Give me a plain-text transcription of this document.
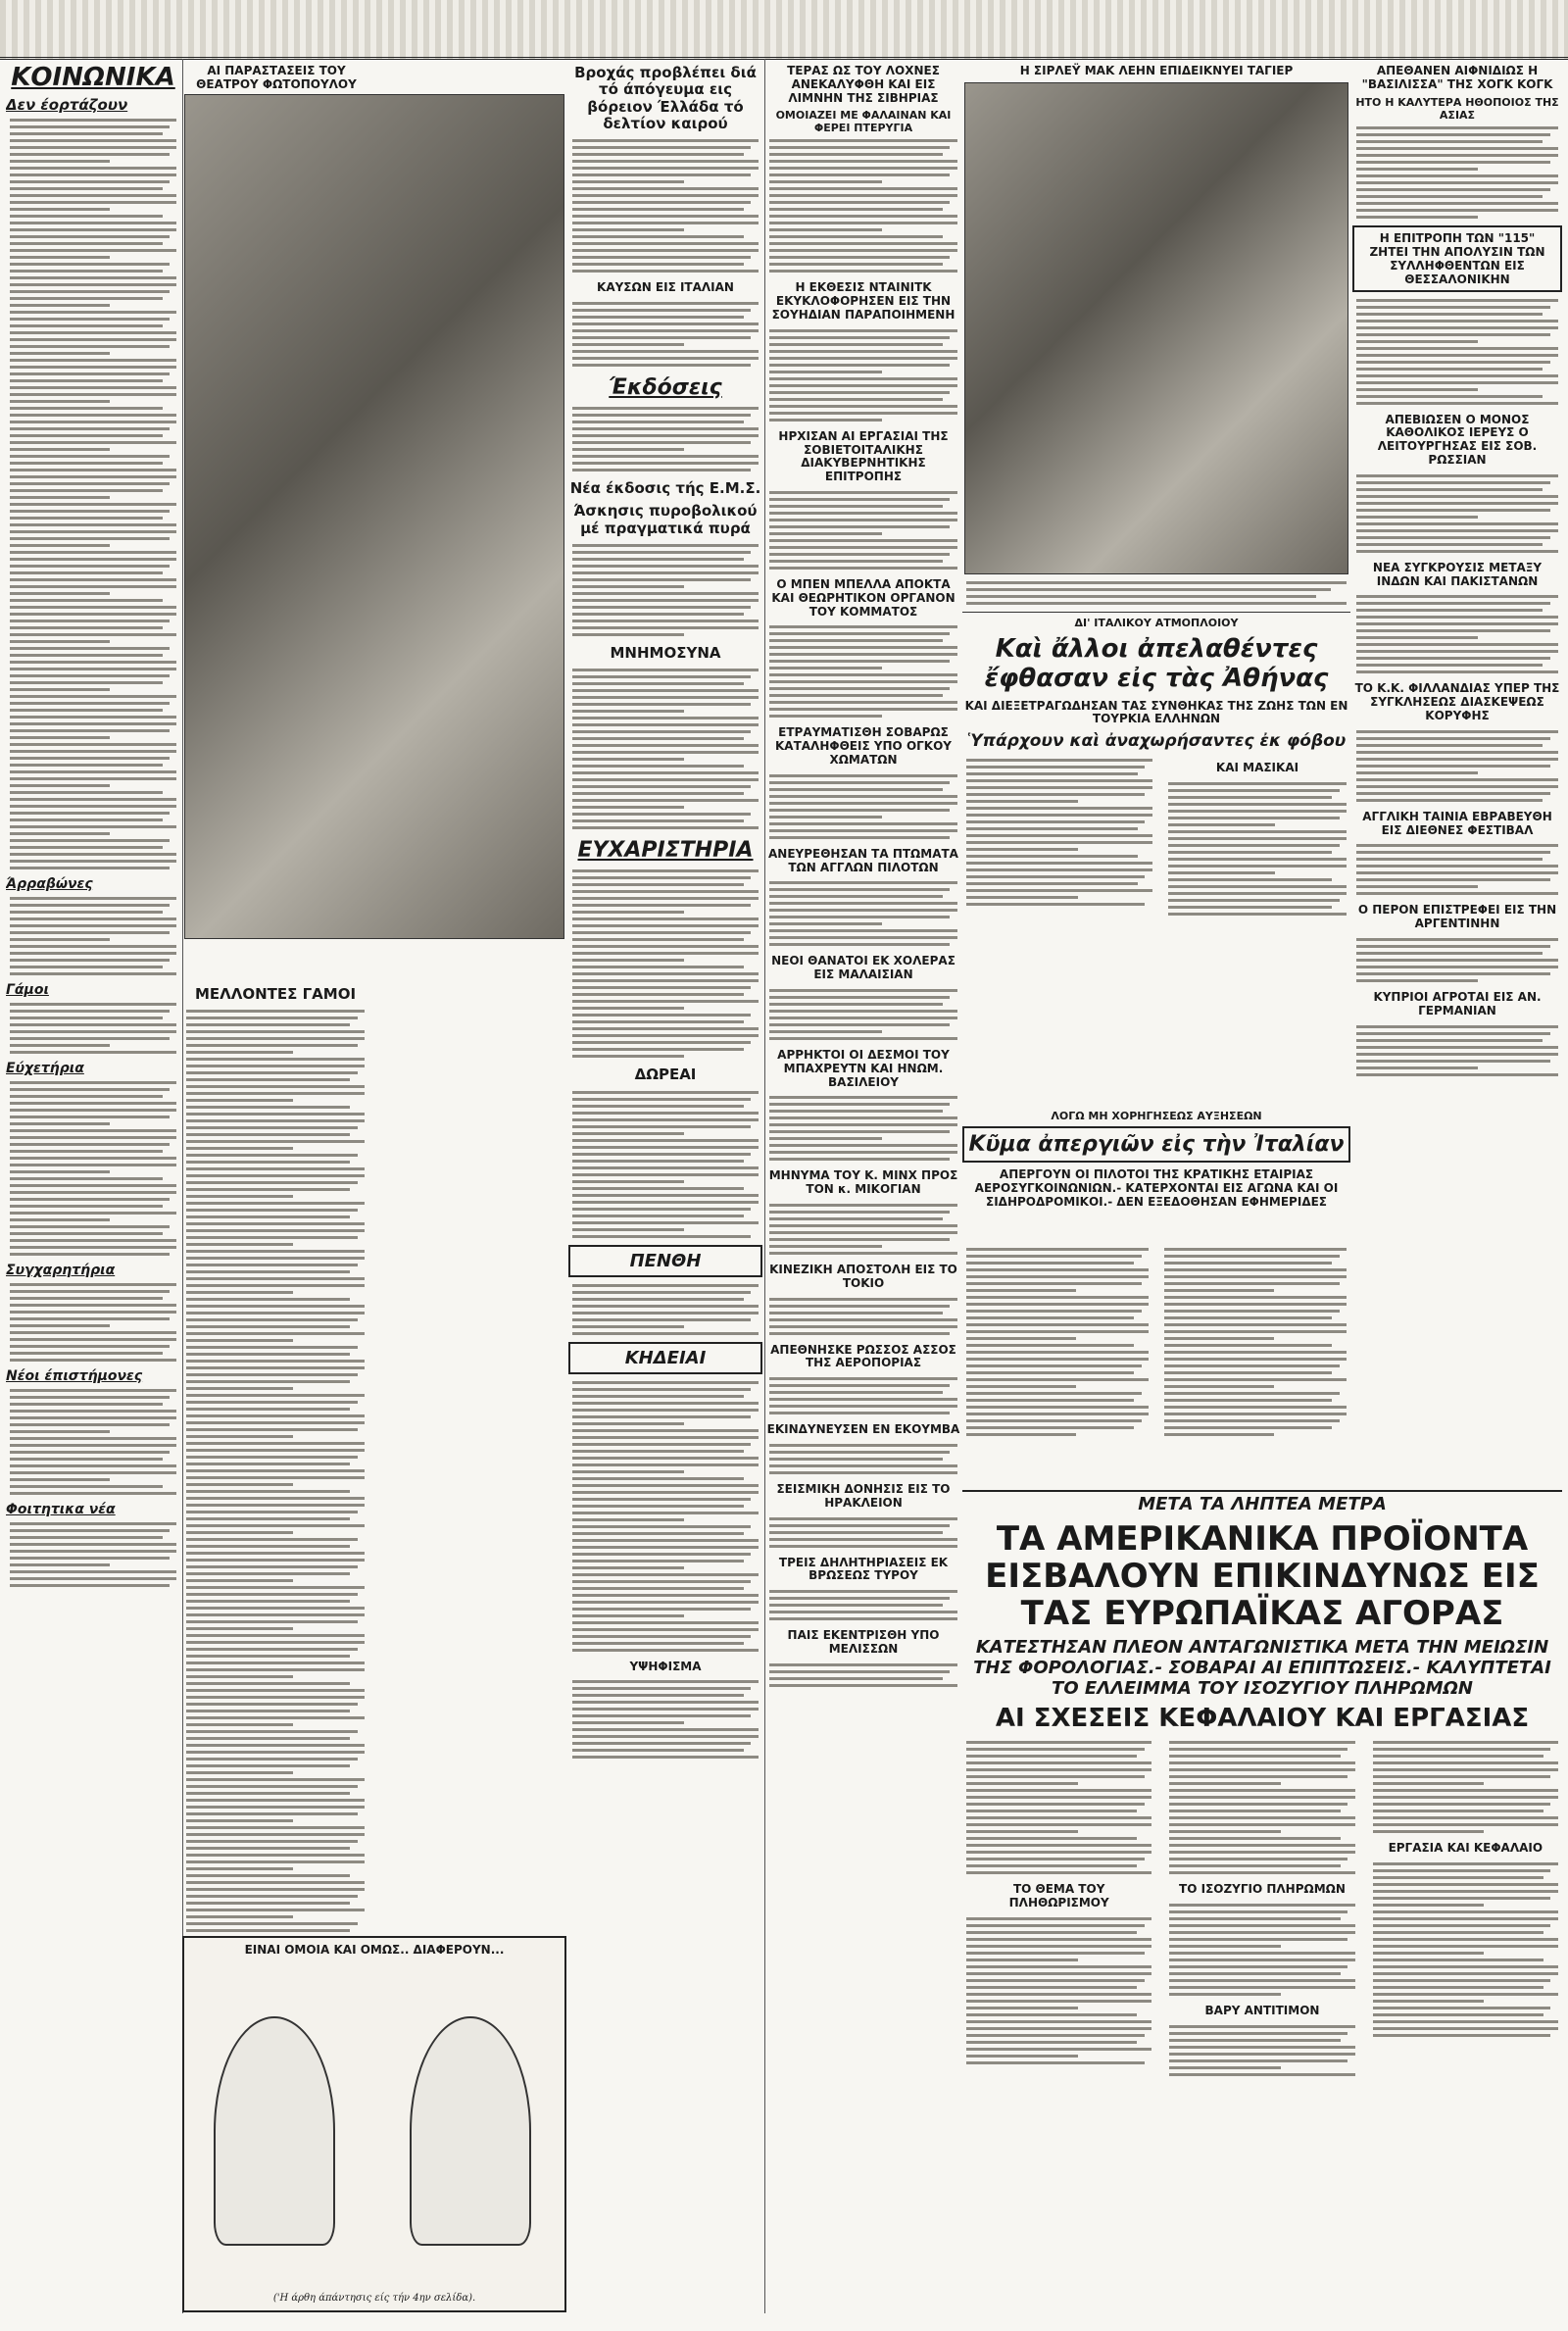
ΚΟΙΝΩΝΙΚΑ
Δεν έορτάζουν
Άρραβώνες
Γάμοι
Εύχετήρια
Συγχαρητήρια
Νέοι έπιστήμονες
Φοιτητικα νέα
ΑΙ ΠΑΡΑΣΤΑΣΕΙΣ ΤΟΥ ΘΕΑΤΡΟΥ ΦΩΤΟΠΟΥΛΟΥ
ΜΕΛΛΟΝΤΕΣ ΓΑΜΟΙ
ΕΙΝΑΙ ΟΜΟΙΑ ΚΑΙ ΟΜΩΣ.. ΔΙΑΦΕΡΟΥΝ...
('Η άρθη άπάντησις είς τήν 4ην σελίδα).
Βροχάς προβλέπει διά τό άπόγευμα εις βόρειον Έλλάδα τό δελτίον καιρού
ΚΑΥΣΩΝ ΕΙΣ ΙΤΑΛΙΑΝ
Έκδόσεις
Νέα έκδοσις τής Ε.Μ.Σ.
Άσκησις πυροβολικού μέ πραγματικά πυρά
ΜΝΗΜΟΣΥΝΑ
ΕΥΧΑΡΙΣΤΗΡΙΑ
ΔΩΡΕΑΙ
ΠΕΝΘΗ
ΚΗΔΕΙΑΙ
ΥΨΗΦΙΣΜΑ
ΤΕΡΑΣ ΩΣ ΤΟΥ ΛΟΧΝΕΣ ΑΝΕΚΑΛΥΦΘΗ ΚΑΙ ΕΙΣ ΛΙΜΝΗΝ ΤΗΣ ΣΙΒΗΡΙΑΣ
ΟΜΟΙΑΖΕΙ ΜΕ ΦΑΛΑΙΝΑΝ ΚΑΙ ΦΕΡΕΙ ΠΤΕΡΥΓΙΑ
Η ΕΚΘΕΣΙΣ ΝΤΑΙΝΙΤΚ ΕΚΥΚΛΟΦΟΡΗΣΕΝ ΕΙΣ ΤΗΝ ΣΟΥΗΔΙΑΝ ΠΑΡΑΠΟΙΗΜΕΝΗ
ΗΡΧΙΣΑΝ ΑΙ ΕΡΓΑΣΙΑΙ ΤΗΣ ΣΟΒΙΕΤΟΙΤΑΛΙΚΗΣ ΔΙΑΚΥΒΕΡΝΗΤΙΚΗΣ ΕΠΙΤΡΟΠΗΣ
Ο ΜΠΕΝ ΜΠΕΛΛΑ ΑΠΟΚΤΑ ΚΑΙ ΘΕΩΡΗΤΙΚΟΝ ΟΡΓΑΝΟΝ ΤΟΥ ΚΟΜΜΑΤΟΣ
ΕΤΡΑΥΜΑΤΙΣΘΗ ΣΟΒΑΡΩΣ ΚΑΤΑΛΗΦΘΕΙΣ ΥΠΟ ΟΓΚΟΥ ΧΩΜΑΤΩΝ
ΑΝΕΥΡΕΘΗΣΑΝ ΤΑ ΠΤΩΜΑΤΑ ΤΩΝ ΑΓΓΛΩΝ ΠΙΛΟΤΩΝ
ΝΕΟΙ ΘΑΝΑΤΟΙ ΕΚ ΧΟΛΕΡΑΣ ΕΙΣ ΜΑΛΑΙΣΙΑΝ
ΑΡΡΗΚΤΟΙ ΟΙ ΔΕΣΜΟΙ ΤΟΥ ΜΠΑΧΡΕΥΤΝ ΚΑΙ ΗΝΩΜ. ΒΑΣΙΛΕΙΟΥ
ΜΗΝΥΜΑ ΤΟΥ Κ. ΜΙΝΧ ΠΡΟΣ ΤΟΝ κ. ΜΙΚΟΓΙΑΝ
ΚΙΝΕΖΙΚΗ ΑΠΟΣΤΟΛΗ ΕΙΣ ΤΟ ΤΟΚΙΟ
ΑΠΕΘΝΗΣΚΕ ΡΩΣΣΟΣ ΑΣΣΟΣ ΤΗΣ ΑΕΡΟΠΟΡΙΑΣ
ΕΚΙΝΔΥΝΕΥΣΕΝ ΕΝ ΕΚΟΥΜΒΑ
ΣΕΙΣΜΙΚΗ ΔΟΝΗΣΙΣ ΕΙΣ ΤΟ ΗΡΑΚΛΕΙΟΝ
ΤΡΕΙΣ ΔΗΛΗΤΗΡΙΑΣΕΙΣ ΕΚ ΒΡΩΣΕΩΣ ΤΥΡΟΥ
ΠΑΙΣ ΕΚΕΝΤΡΙΣΘΗ ΥΠΟ ΜΕΛΙΣΣΩΝ
Η ΣΙΡΛΕΫ ΜΑΚ ΛΕΗΝ ΕΠΙΔΕΙΚΝΥΕΙ ΤΑΓΙΕΡ
ΔΙ' ΙΤΑΛΙΚΟΥ ΑΤΜΟΠΛΟΙΟΥ
Καὶ ἄλλοι ἀπελαθέντες ἔφθασαν εἰς τὰς Ἀθήνας
ΚΑΙ ΔΙΕΞΕΤΡΑΓΩΔΗΣΑΝ ΤΑΣ ΣΥΝΘΗΚΑΣ ΤΗΣ ΖΩΗΣ ΤΩΝ ΕΝ ΤΟΥΡΚΙΑ ΕΛΛΗΝΩΝ
Ὑπάρχουν καὶ ἀναχωρήσαντες ἐκ φόβου
ΚΑΙ ΜΑΣΙΚΑΙ
ΛΟΓΩ ΜΗ ΧΟΡΗΓΗΣΕΩΣ ΑΥΞΗΣΕΩΝ
Κῦμα ἀπεργιῶν εἰς τὴν Ἰταλίαν
ΑΠΕΡΓΟΥΝ ΟΙ ΠΙΛΟΤΟΙ ΤΗΣ ΚΡΑΤΙΚΗΣ ΕΤΑΙΡΙΑΣ ΑΕΡΟΣΥΓΚΟΙΝΩΝΙΩΝ.- ΚΑΤΕΡΧΟΝΤΑΙ ΕΙΣ ΑΓΩΝΑ ΚΑΙ ΟΙ ΣΙΔΗΡΟΔΡΟΜΙΚΟΙ.- ΔΕΝ ΕΞΕΔΟΘΗΣΑΝ ΕΦΗΜΕΡΙΔΕΣ
ΑΠΕΘΑΝΕΝ ΑΙΦΝΙΔΙΩΣ Η "ΒΑΣΙΛΙΣΣΑ" ΤΗΣ ΧΟΓΚ ΚΟΓΚ
ΗΤΟ Η ΚΑΛΥΤΕΡΑ ΗΘΟΠΟΙΟΣ ΤΗΣ ΑΣΙΑΣ
Η ΕΠΙΤΡΟΠΗ ΤΩΝ "115" ΖΗΤΕΙ ΤΗΝ ΑΠΟΛΥΣΙΝ ΤΩΝ ΣΥΛΛΗΦΘΕΝΤΩΝ ΕΙΣ ΘΕΣΣΑΛΟΝΙΚΗΝ
ΑΠΕΒΙΩΣΕΝ Ο ΜΟΝΟΣ ΚΑΘΟΛΙΚΟΣ ΙΕΡΕΥΣ Ο ΛΕΙΤΟΥΡΓΗΣΑΣ ΕΙΣ ΣΟΒ. ΡΩΣΣΙΑΝ
ΝΕΑ ΣΥΓΚΡΟΥΣΙΣ ΜΕΤΑΞΥ ΙΝΔΩΝ ΚΑΙ ΠΑΚΙΣΤΑΝΩΝ
ΤΟ Κ.Κ. ΦΙΛΛΑΝΔΙΑΣ ΥΠΕΡ ΤΗΣ ΣΥΓΚΛΗΣΕΩΣ ΔΙΑΣΚΕΨΕΩΣ ΚΟΡΥΦΗΣ
ΑΓΓΛΙΚΗ ΤΑΙΝΙΑ ΕΒΡΑΒΕΥΘΗ ΕΙΣ ΔΙΕΘΝΕΣ ΦΕΣΤΙΒΑΛ
Ο ΠΕΡΟΝ ΕΠΙΣΤΡΕΦΕΙ ΕΙΣ ΤΗΝ ΑΡΓΕΝΤΙΝΗΝ
ΚΥΠΡΙΟΙ ΑΓΡΟΤΑΙ ΕΙΣ ΑΝ. ΓΕΡΜΑΝΙΑΝ
ΜΕΤΑ ΤΑ ΛΗΠΤΕΑ ΜΕΤΡΑ
ΤΑ ΑΜΕΡΙΚΑΝΙΚΑ ΠΡΟΪΟΝΤΑ ΕΙΣΒΑΛΟΥΝ ΕΠΙΚΙΝΔΥΝΩΣ ΕΙΣ ΤΑΣ ΕΥΡΩΠΑΪΚΑΣ ΑΓΟΡΑΣ
ΚΑΤΕΣΤΗΣΑΝ ΠΛΕΟΝ ΑΝΤΑΓΩΝΙΣΤΙΚΑ ΜΕΤΑ ΤΗΝ ΜΕΙΩΣΙΝ ΤΗΣ ΦΟΡΟΛΟΓΙΑΣ.- ΣΟΒΑΡΑΙ ΑΙ ΕΠΙΠΤΩΣΕΙΣ.- ΚΑΛΥΠΤΕΤΑΙ ΤΟ ΕΛΛΕΙΜΜΑ ΤΟΥ ΙΣΟΖΥΓΙΟΥ ΠΛΗΡΩΜΩΝ
ΑΙ ΣΧΕΣΕΙΣ ΚΕΦΑΛΑΙΟΥ ΚΑΙ ΕΡΓΑΣΙΑΣ
ΤΟ ΘΕΜΑ ΤΟΥ ΠΛΗΘΩΡΙΣΜΟΥ
ΤΟ ΙΣΟΖΥΓΙΟ ΠΛΗΡΩΜΩΝ
ΒΑΡΥ ΑΝΤΙΤΙΜΟΝ
ΕΡΓΑΣΙΑ ΚΑΙ ΚΕΦΑΛΑΙΟ
